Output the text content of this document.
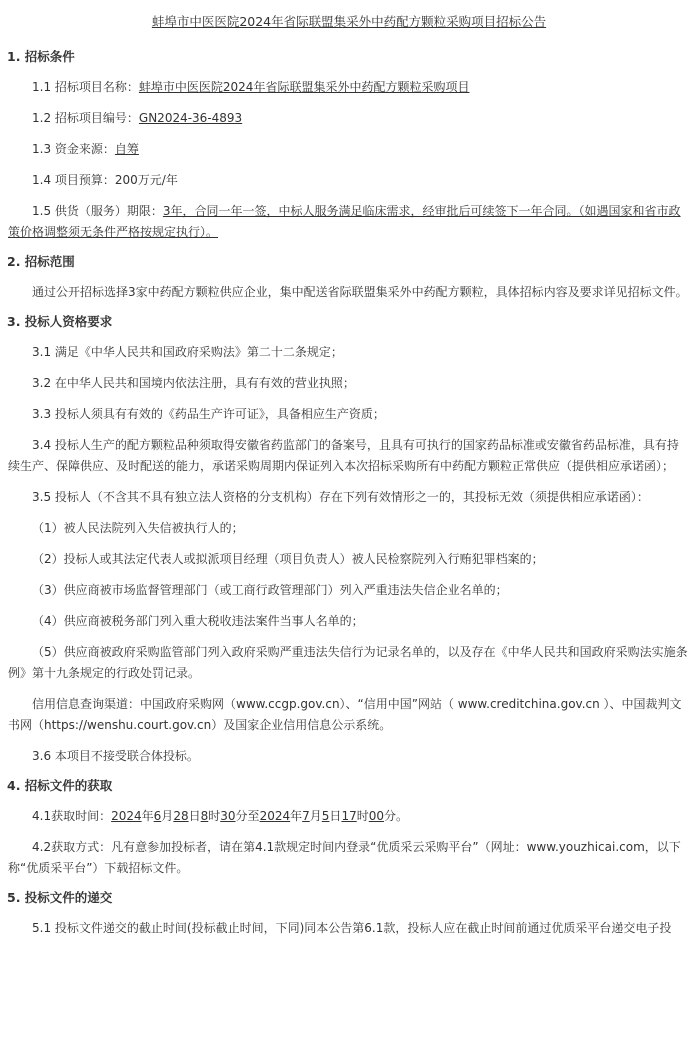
蚌埠市中医医院2024年省际联盟集采外中药配方颗粒采购项目招标公告
1. 招标条件
1.1 招标项目名称：蚌埠市中医医院2024年省际联盟集采外中药配方颗粒采购项目
1.2 招标项目编号：GN2024-36-4893
1.3 资金来源：自筹
1.4 项目预算：200万元/年
1.5 供货（服务）期限：3年，合同一年一签，中标人服务满足临床需求，经审批后可续签下一年合同。（如遇国家和省市政策价格调整须无条件严格按规定执行）。
2. 招标范围
通过公开招标选择3家中药配方颗粒供应企业，集中配送省际联盟集采外中药配方颗粒，具体招标内容及要求详见招标文件。
3. 投标人资格要求
3.1 满足《中华人民共和国政府采购法》第二十二条规定；
3.2 在中华人民共和国境内依法注册，具有有效的营业执照；
3.3 投标人须具有有效的《药品生产许可证》，具备相应生产资质；
3.4 投标人生产的配方颗粒品种须取得安徽省药监部门的备案号，且具有可执行的国家药品标准或安徽省药品标准，具有持续生产、保障供应、及时配送的能力，承诺采购周期内保证列入本次招标采购所有中药配方颗粒正常供应（提供相应承诺函）；
3.5 投标人（不含其不具有独立法人资格的分支机构）存在下列有效情形之一的，其投标无效（须提供相应承诺函）：
（1）被人民法院列入失信被执行人的；
（2）投标人或其法定代表人或拟派项目经理（项目负责人）被人民检察院列入行贿犯罪档案的；
（3）供应商被市场监督管理部门（或工商行政管理部门）列入严重违法失信企业名单的；
（4）供应商被税务部门列入重大税收违法案件当事人名单的；
（5）供应商被政府采购监管部门列入政府采购严重违法失信行为记录名单的，以及存在《中华人民共和国政府采购法实施条例》第十九条规定的行政处罚记录。
信用信息查询渠道：中国政府采购网（www.ccgp.gov.cn）、“信用中国”网站（ www.creditchina.gov.cn ）、中国裁判文书网（https://wenshu.court.gov.cn）及国家企业信用信息公示系统。
3.6 本项目不接受联合体投标。
4. 招标文件的获取
4.1获取时间：2024年6月28日8时30分至2024年7月5日17时00分。
4.2获取方式：凡有意参加投标者，请在第4.1款规定时间内登录“优质采云采购平台”（网址：www.youzhicai.com，以下称“优质采平台”）下载招标文件。
5. 投标文件的递交
5.1 投标文件递交的截止时间(投标截止时间，下同)同本公告第6.1款，投标人应在截止时间前通过优质采平台递交电子投
